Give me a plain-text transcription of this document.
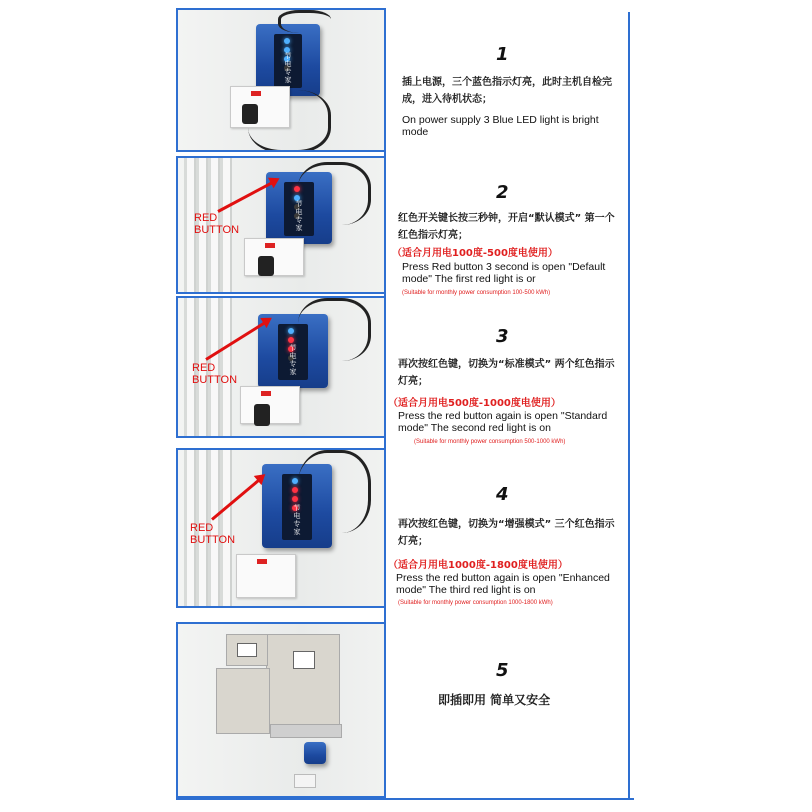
节电专家
节电专家
RED BUTTON
节电专家
RED BUTTON
节电专家
RED BUTTON
1
插上电源，三个蓝色指示灯亮，此时主机自检完成，进入待机状态；
On power supply 3 Blue LED light is bright mode
2
红色开关键长按三秒钟，开启“默认模式” 第一个红色指示灯亮；
（适合月用电100度-500度电使用）
Press Red button 3 second is open "Default mode" The first red light is or
(Suitable for monthly power consumption 100-500 kWh)
3
再次按红色键，切换为“标准模式” 两个红色指示灯亮；
（适合月用电500度-1000度电使用）
Press the red button again is open "Standard mode" The second red light is on
(Suitable for monthly power consumption 500-1000 kWh)
4
再次按红色键，切换为“增强模式” 三个红色指示灯亮；
（适合月用电1000度-1800度电使用）
Press the red button again is open "Enhanced mode" The third red light is on
(Suitable for monthly power consumption 1000-1800 kWh)
5
即插即用 简单又安全
